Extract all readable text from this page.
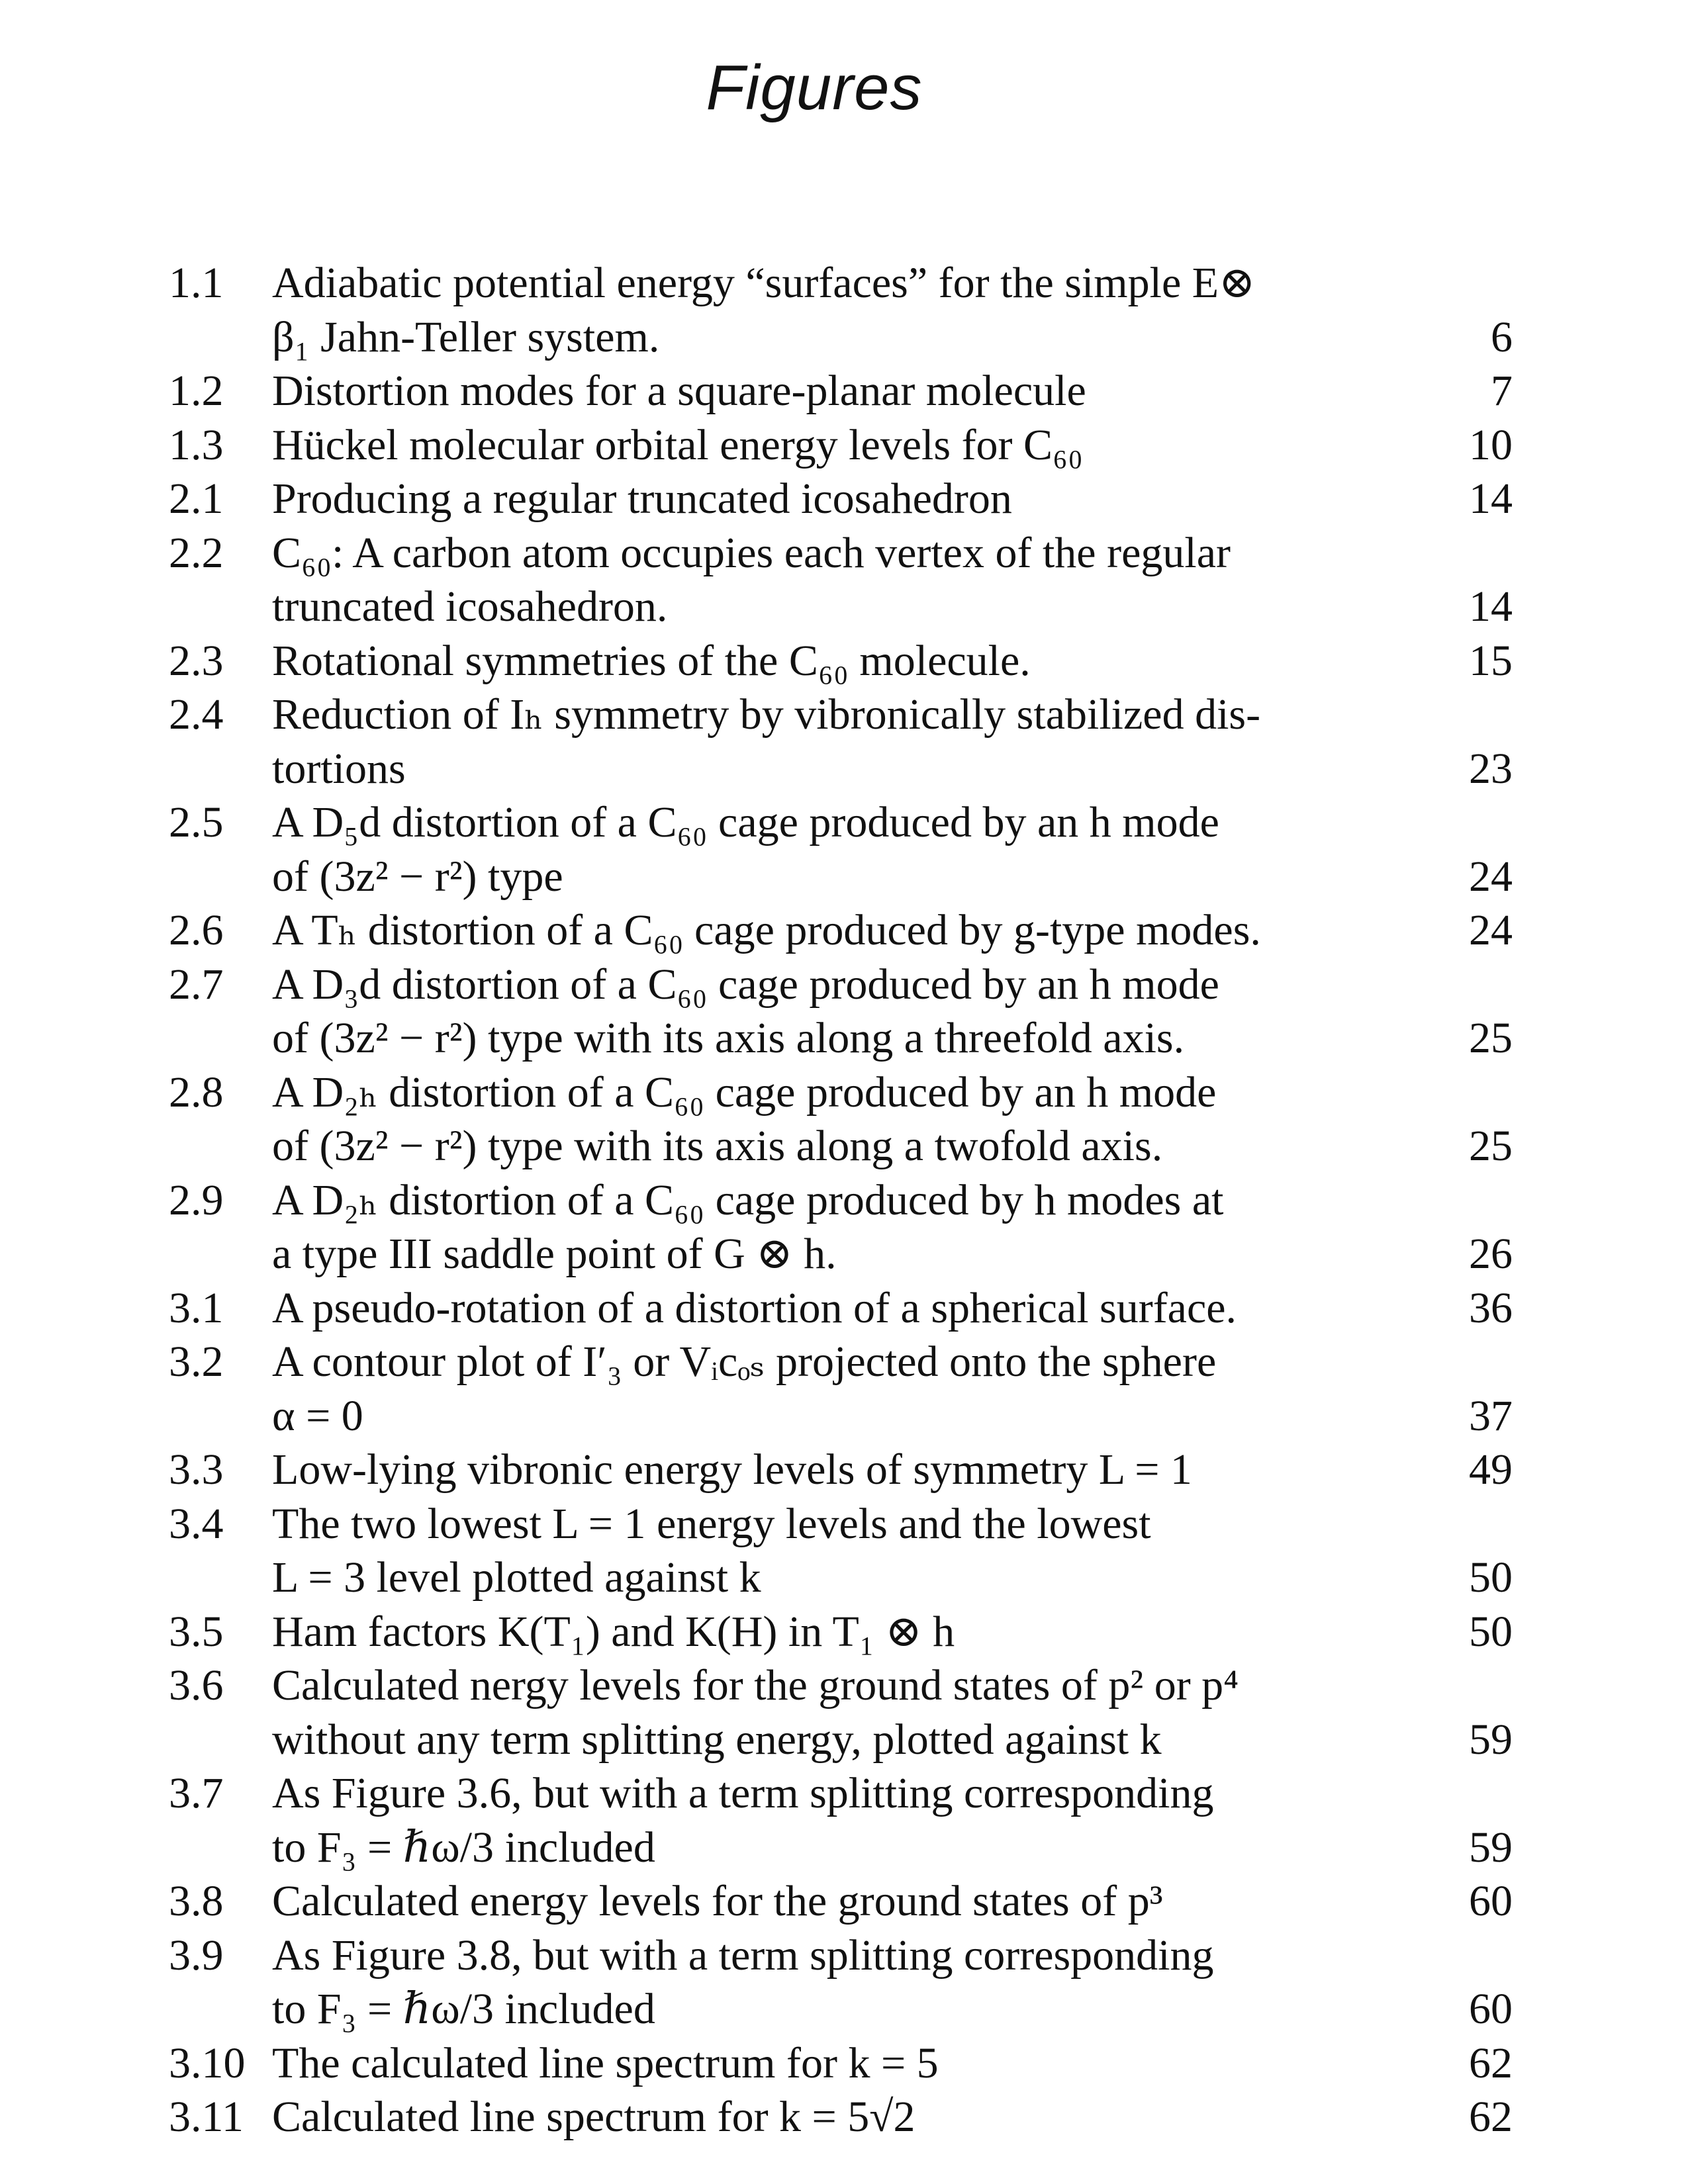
Figures
1.1 Adiabatic potential energy “surfaces” for the simple E⊗
β₁ Jahn-Teller system.	6
1.2 Distortion modes for a square-planar molecule	7
1.3 Hückel molecular orbital energy levels for C₆₀	10
2.1 Producing a regular truncated icosahedron	14
2.2 C₆₀: A carbon atom occupies each vertex of the regular
truncated icosahedron.	14
2.3 Rotational symmetries of the C₆₀ molecule.	15
2.4 Reduction of Iₕ symmetry by vibronically stabilized dis-
tortions	23
2.5 A D₅d distortion of a C₆₀ cage produced by an h mode
of (3z² − r²) type	24
2.6 A Tₕ distortion of a C₆₀ cage produced by g-type modes.	24
2.7 A D₃d distortion of a C₆₀ cage produced by an h mode
of (3z² − r²) type with its axis along a threefold axis.	25
2.8 A D₂ₕ distortion of a C₆₀ cage produced by an h mode
of (3z² − r²) type with its axis along a twofold axis.	25
2.9 A D₂ₕ distortion of a C₆₀ cage produced by h modes at
a type III saddle point of G ⊗ h.	26
3.1 A pseudo-rotation of a distortion of a spherical surface.	36
3.2 A contour plot of I′₃ or Vᵢcₒₛ projected onto the sphere
α = 0	37
3.3 Low-lying vibronic energy levels of symmetry L = 1	49
3.4 The two lowest L = 1 energy levels and the lowest
L = 3 level plotted against k	50
3.5 Ham factors K(T₁) and K(H) in T₁ ⊗ h	50
3.6 Calculated nergy levels for the ground states of p² or p⁴
without any term splitting energy, plotted against k	59
3.7 As Figure 3.6, but with a term splitting corresponding
to F₃ = ℏω/3 included	59
3.8 Calculated energy levels for the ground states of p³	60
3.9 As Figure 3.8, but with a term splitting corresponding
to F₃ = ℏω/3 included	60
3.10 The calculated line spectrum for k = 5	62
3.11 Calculated line spectrum for k = 5√2	62
